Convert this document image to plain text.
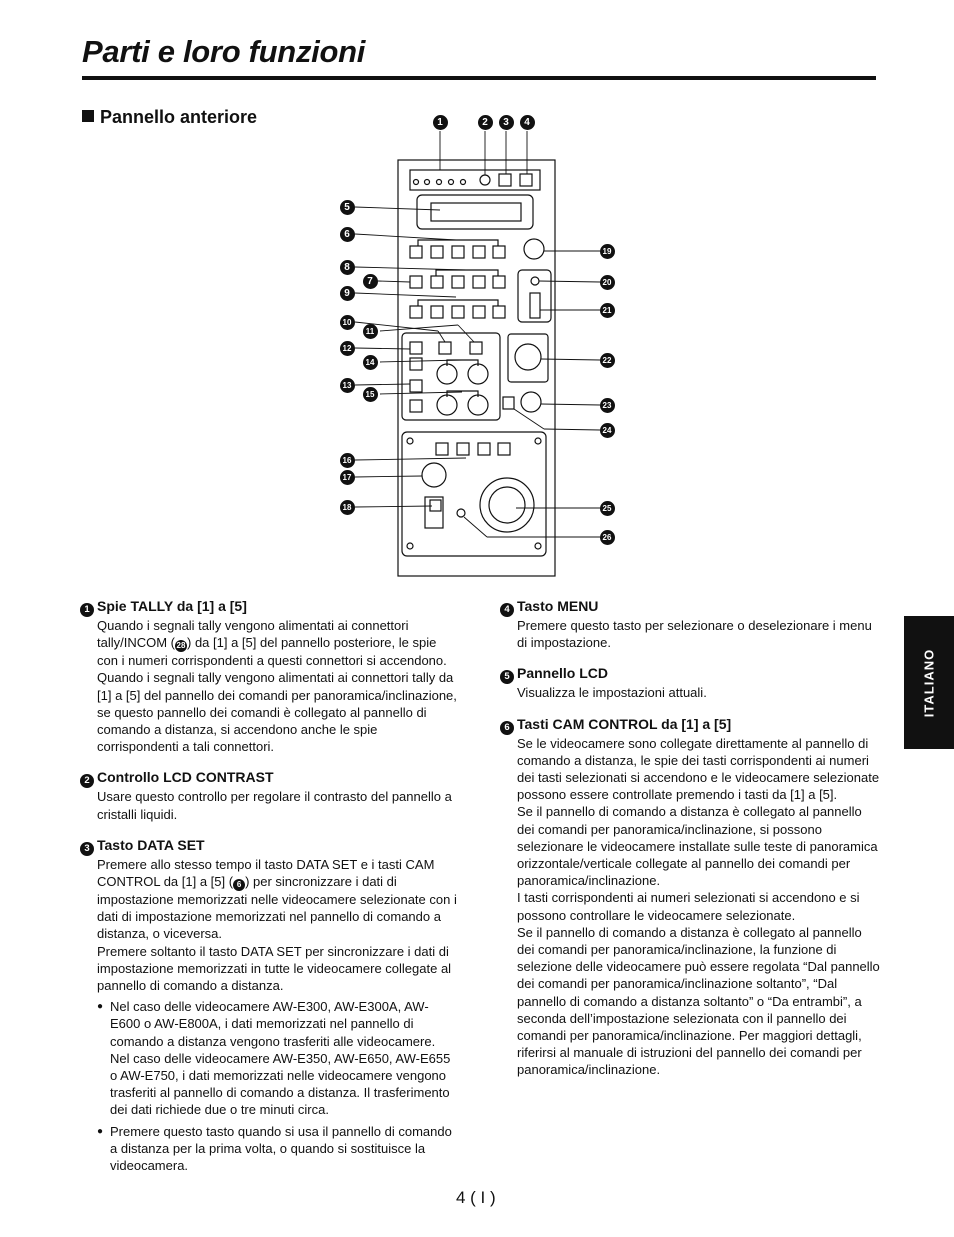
Parti e loro funzioni
Pannello anteriore	1	2	3	4
5
6
7
8
9
10
11
12
13
14
15
16
17
18
19
20
21
22
23
24
25
26
ITALIANO

1 Spie TALLY da [1] a [5]

Quando i segnali tally vengono alimentati ai connettori tally/INCOM ( 28 ) da [1] a [5] del pannello posteriore, le spie con i numeri corrispondenti a questi connettori si accendono. Quando i segnali tally vengono alimentati ai connettori tally da [1] a [5] del pannello dei comandi per panoramica/inclinazione, se questo pannello dei comandi è collegato al pannello di comando a distanza, si accendono anche le spie corrispondenti a tali connettori.

2 Controllo LCD CONTRAST

Usare questo controllo per regolare il contrasto del pannello a cristalli liquidi.

3 Tasto DATA SET

Premere allo stesso tempo il tasto DATA SET e i tasti CAM CONTROL da [1] a [5] ( 6 ) per sincronizzare i dati di impostazione memorizzati nelle videocamere selezionate con i dati di impostazione memorizzati nel pannello di comando a distanza, o viceversa.

Premere soltanto il tasto DATA SET per sincronizzare i dati di impostazione memorizzati in tutte le videocamere collegate al pannello di comando a distanza.

● Nel caso delle videocamere AW-E300, AW-E300A, AW-E600 o AW-E800A, i dati memorizzati nel pannello di comando a distanza vengono trasferiti alle videocamere. Nel caso delle videocamere AW-E350, AW-E650, AW-E655 o AW-E750, i dati memorizzati nelle videocamere vengono trasferiti al pannello di comando a distanza. Il trasferimento dei dati richiede due o tre minuti circa.
● Premere questo tasto quando si usa il pannello di comando a distanza per la prima volta, o quando si sostituisce la videocamera.

4 Tasto MENU

Premere questo tasto per selezionare o deselezionare i menu di impostazione.

5 Pannello LCD

Visualizza le impostazioni attuali.

6 Tasti CAM CONTROL da [1] a [5]

Se le videocamere sono collegate direttamente al pannello di comando a distanza, le spie dei tasti corrispondenti ai numeri dei tasti selezionati si accendono e le videocamere selezionate possono essere controllate premendo i tasti da [1] a [5].

Se il pannello di comando a distanza è collegato al pannello dei comandi per panoramica/inclinazione, si possono selezionare le videocamere installate sulle teste di panoramica orizzontale/verticale collegate al pannello dei comandi per panoramica/inclinazione.

I tasti corrispondenti ai numeri selezionati si accendono e si possono controllare le videocamere selezionate.

Se il pannello di comando a distanza è collegato al pannello dei comandi per panoramica/inclinazione, la funzione di selezione delle videocamere può essere regolata “Dal pannello dei comandi per panoramica/inclinazione soltanto”, “Dal pannello di comando a distanza soltanto” o “Da entrambi”, a seconda dell’impostazione selezionata con il pannello dei comandi per panoramica/inclinazione. Per maggiori dettagli, riferirsi al manuale di istruzioni del pannello dei comandi per panoramica/inclinazione.

4 ( I )
